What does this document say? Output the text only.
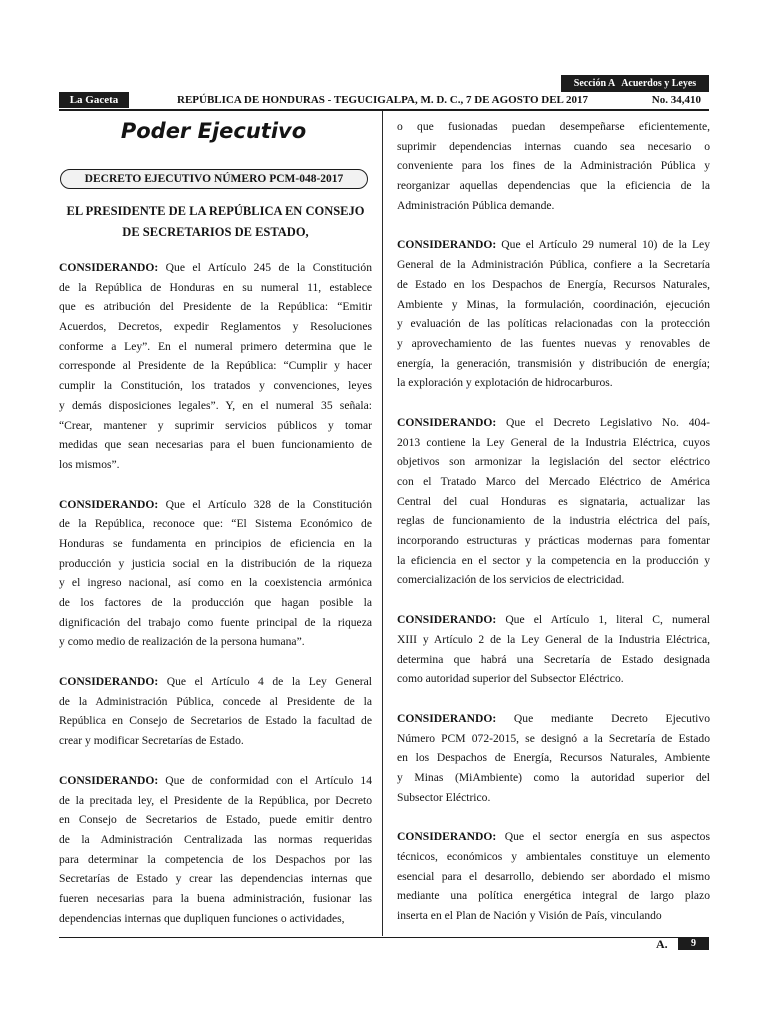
Sección A Acuerdos y Leyes
REPÚBLICA DE HONDURAS - TEGUCIGALPA, M. D. C., 7 DE AGOSTO DEL 2017	No. 34,410
La Gaceta
Poder Ejecutivo
DECRETO EJECUTIVO NÚMERO PCM-048-2017
EL PRESIDENTE DE LA REPÚBLICA EN CONSEJO
DE SECRETARIOS DE ESTADO,
CONSIDERANDO: Que el Artículo 245 de la Constitución
de la República de Honduras en su numeral 11, establece
que es atribución del Presidente de la República: “Emitir
Acuerdos, Decretos, expedir Reglamentos y Resoluciones
conforme a Ley”. En el numeral primero determina que le
corresponde al Presidente de la República: “Cumplir y hacer
cumplir la Constitución, los tratados y convenciones, leyes
y demás disposiciones legales”. Y, en el numeral 35 señala:
“Crear, mantener y suprimir servicios públicos y tomar
medidas que sean necesarias para el buen funcionamiento de
los mismos”.
CONSIDERANDO: Que el Artículo 328 de la Constitución
de la República, reconoce que: “El Sistema Económico de
Honduras se fundamenta en principios de eficiencia en la
producción y justicia social en la distribución de la riqueza
y el ingreso nacional, así como en la coexistencia armónica
de los factores de la producción que hagan posible la
dignificación del trabajo como fuente principal de la riqueza
y como medio de realización de la persona humana”.
CONSIDERANDO: Que el Artículo 4 de la Ley General
de la Administración Pública, concede al Presidente de la
República en Consejo de Secretarios de Estado la facultad de
crear y modificar Secretarías de Estado.
CONSIDERANDO: Que de conformidad con el Artículo 14
de la precitada ley, el Presidente de la República, por Decreto
en Consejo de Secretarios de Estado, puede emitir dentro
de la Administración Centralizada las normas requeridas
para determinar la competencia de los Despachos por las
Secretarías de Estado y crear las dependencias internas que
fueren necesarias para la buena administración, fusionar las
dependencias internas que dupliquen funciones o actividades,
o que fusionadas puedan desempeñarse eficientemente,
suprimir dependencias internas cuando sea necesario o
conveniente para los fines de la Administración Pública y
reorganizar aquellas dependencias que la eficiencia de la
Administración Pública demande.
CONSIDERANDO: Que el Artículo 29 numeral 10) de la Ley
General de la Administración Pública, confiere a la Secretaría
de Estado en los Despachos de Energía, Recursos Naturales,
Ambiente y Minas, la formulación, coordinación, ejecución
y evaluación de las políticas relacionadas con la protección
y aprovechamiento de las fuentes nuevas y renovables de
energía, la generación, transmisión y distribución de energía;
la exploración y explotación de hidrocarburos.
CONSIDERANDO: Que el Decreto Legislativo No. 404-
2013 contiene la Ley General de la Industria Eléctrica, cuyos
objetivos son armonizar la legislación del sector eléctrico
con el Tratado Marco del Mercado Eléctrico de América
Central del cual Honduras es signataria, actualizar las
reglas de funcionamiento de la industria eléctrica del país,
incorporando estructuras y prácticas modernas para fomentar
la eficiencia en el sector y la competencia en la producción y
comercialización de los servicios de electricidad.
CONSIDERANDO: Que el Artículo 1, literal C, numeral
XIII y Artículo 2 de la Ley General de la Industria Eléctrica,
determina que habrá una Secretaría de Estado designada
como autoridad superior del Subsector Eléctrico.
CONSIDERANDO: Que mediante Decreto Ejecutivo
Número PCM 072-2015, se designó a la Secretaría de Estado
en los Despachos de Energía, Recursos Naturales, Ambiente
y Minas (MiAmbiente) como la autoridad superior del
Subsector Eléctrico.
CONSIDERANDO: Que el sector energía en sus aspectos
técnicos, económicos y ambientales constituye un elemento
esencial para el desarrollo, debiendo ser abordado el mismo
mediante una política energética integral de largo plazo
inserta en el Plan de Nación y Visión de País, vinculando
A.	9
